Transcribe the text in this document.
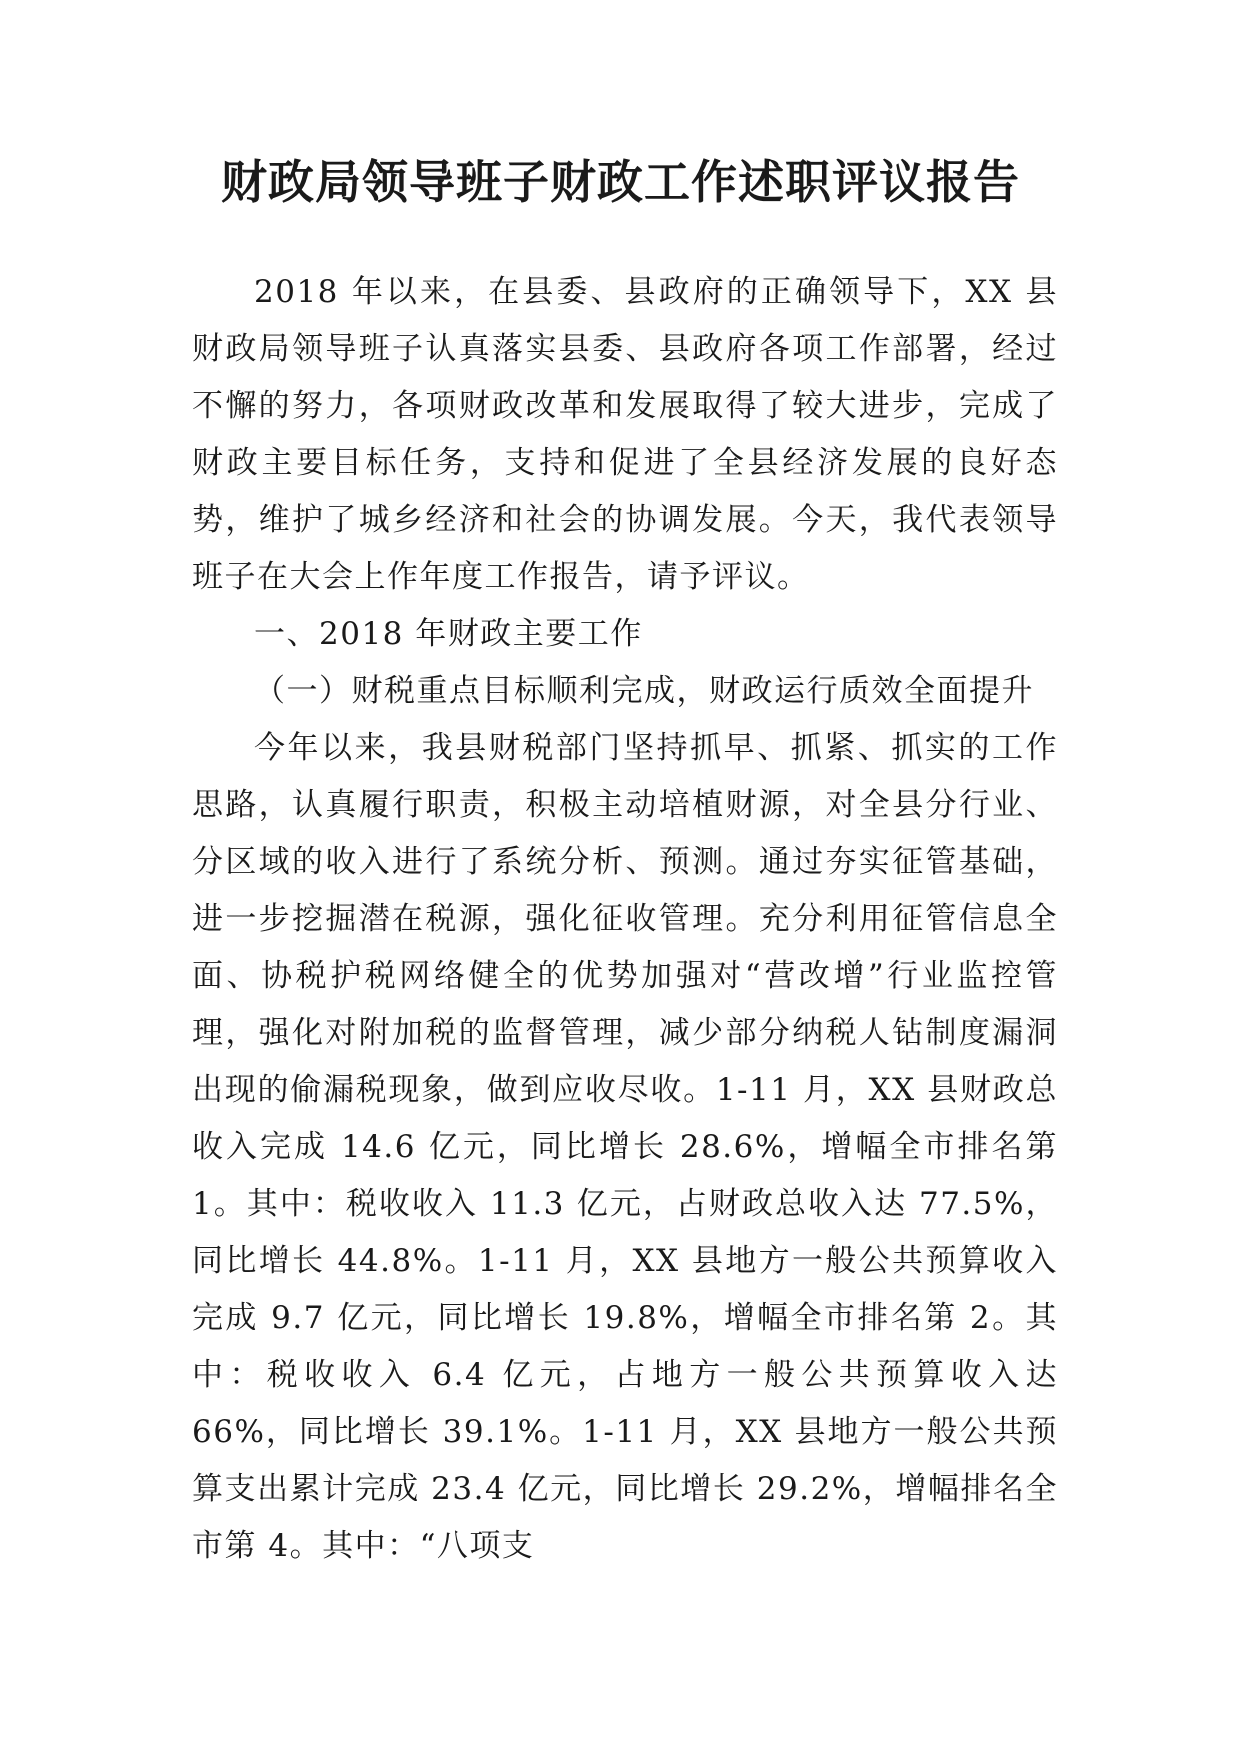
财政局领导班子财政工作述职评议报告

2018 年以来，在县委、县政府的正确领导下，XX 县财政局领导班子认真落实县委、县政府各项工作部署，经过不懈的努力，各项财政改革和发展取得了较大进步，完成了财政主要目标任务，支持和促进了全县经济发展的良好态势，维护了城乡经济和社会的协调发展。今天，我代表领导班子在大会上作年度工作报告，请予评议。

一、2018 年财政主要工作

（一）财税重点目标顺利完成，财政运行质效全面提升

今年以来，我县财税部门坚持抓早、抓紧、抓实的工作思路，认真履行职责，积极主动培植财源，对全县分行业、分区域的收入进行了系统分析、预测。通过夯实征管基础，进一步挖掘潜在税源，强化征收管理。充分利用征管信息全面、协税护税网络健全的优势加强对“营改增”行业监控管理，强化对附加税的监督管理，减少部分纳税人钻制度漏洞出现的偷漏税现象，做到应收尽收。1-11 月，XX 县财政总收入完成 14.6 亿元，同比增长 28.6%，增幅全市排名第 1。其中：税收收入 11.3 亿元，占财政总收入达 77.5%，同比增长 44.8%。1-11 月，XX 县地方一般公共预算收入完成 9.7 亿元，同比增长 19.8%，增幅全市排名第 2。其中：税收收入 6.4 亿元，占地方一般公共预算收入达 66%，同比增长 39.1%。1-11 月，XX 县地方一般公共预算支出累计完成 23.4 亿元，同比增长 29.2%，增幅排名全市第 4。其中：“八项支
